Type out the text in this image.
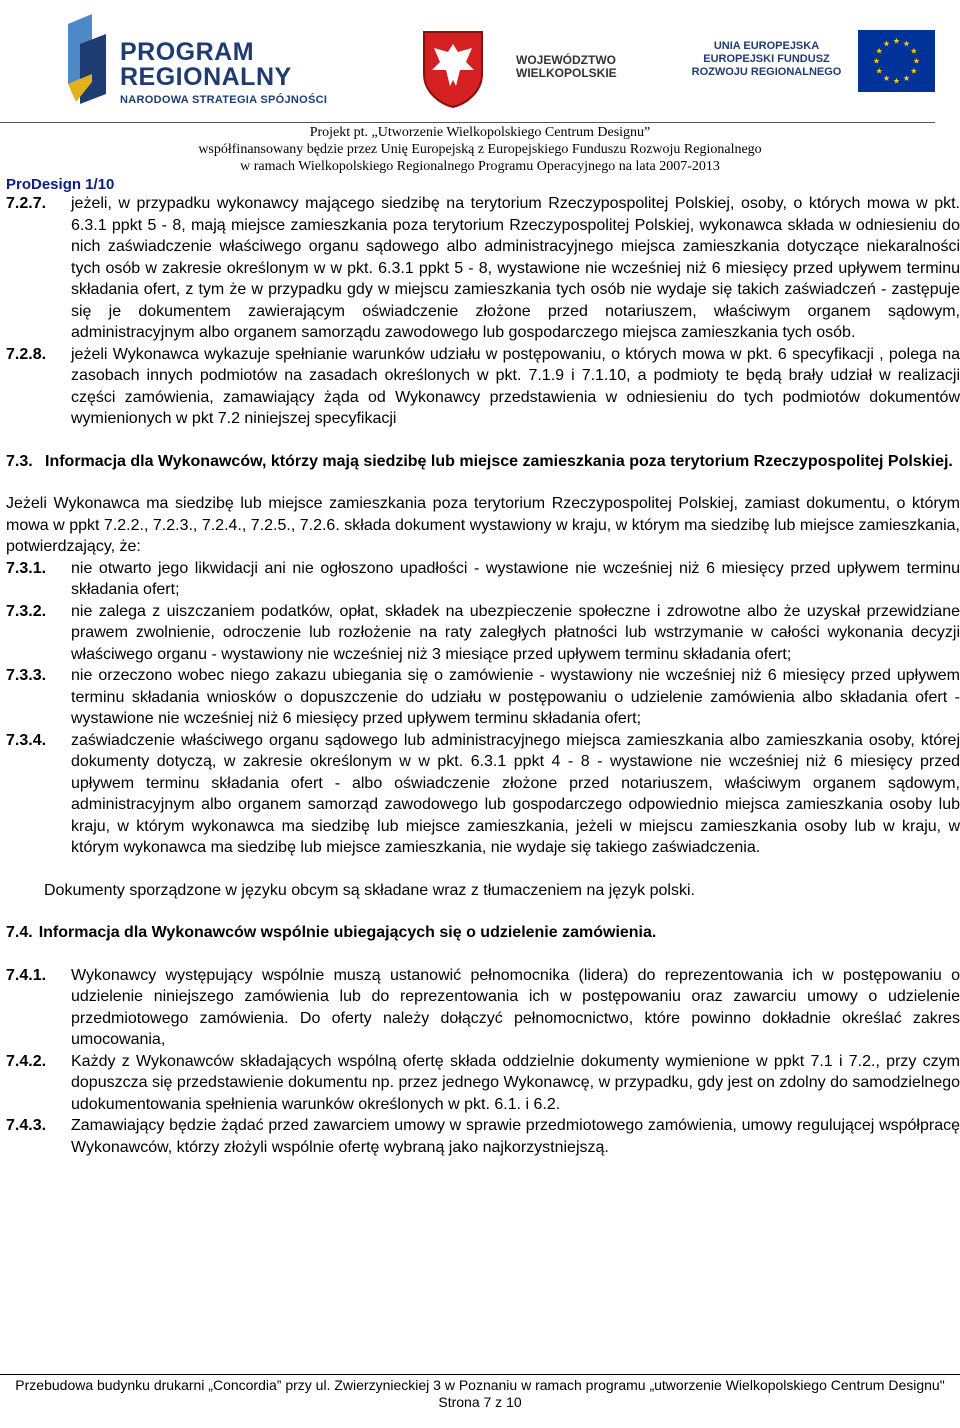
PROGRAM
REGIONALNY
NARODOWA STRATEGIA SPÓJNOŚCI
WOJEWÓDZTWO
WIELKOPOLSKIE
UNIA EUROPEJSKA
EUROPEJSKI FUNDUSZ
ROZWOJU REGIONALNEGO
Projekt pt. „Utworzenie Wielkopolskiego Centrum Designu”
współfinansowany będzie przez Unię Europejską z Europejskiego Funduszu Rozwoju Regionalnego
w ramach Wielkopolskiego Regionalnego Programu Operacyjnego na lata 2007-2013
ProDesign 1/10
7.2.7.	jeżeli, w przypadku wykonawcy mającego siedzibę na terytorium Rzeczypospolitej Polskiej, osoby, o których mowa w pkt. 6.3.1 ppkt 5 - 8, mają miejsce zamieszkania poza terytorium Rzeczypospolitej Polskiej, wykonawca składa w odniesieniu do nich zaświadczenie właściwego organu sądowego albo administracyjnego miejsca zamieszkania dotyczące niekaralności tych osób w zakresie określonym w w pkt. 6.3.1 ppkt 5 - 8, wystawione nie wcześniej niż 6 miesięcy przed upływem terminu składania ofert, z tym że w przypadku gdy w miejscu zamieszkania tych osób nie wydaje się takich zaświadczeń - zastępuje się je dokumentem zawierającym oświadczenie złożone przed notariuszem, właściwym organem sądowym, administracyjnym albo organem samorządu zawodowego lub gospodarczego miejsca zamieszkania tych osób.
7.2.8.	jeżeli Wykonawca wykazuje spełnianie warunków udziału w postępowaniu, o których mowa w pkt. 6 specyfikacji , polega na zasobach innych podmiotów na zasadach określonych w pkt. 7.1.9 i 7.1.10, a podmioty te będą brały udział w realizacji części zamówienia, zamawiający żąda od Wykonawcy przedstawienia w odniesieniu do tych podmiotów dokumentów wymienionych w pkt 7.2 niniejszej specyfikacji
7.3. Informacja dla Wykonawców, którzy mają siedzibę lub miejsce zamieszkania poza terytorium Rzeczypospolitej Polskiej.
Jeżeli Wykonawca ma siedzibę lub miejsce zamieszkania poza terytorium Rzeczypospolitej Polskiej, zamiast dokumentu, o którym mowa w ppkt 7.2.2., 7.2.3., 7.2.4., 7.2.5., 7.2.6. składa dokument wystawiony w kraju, w którym ma siedzibę lub miejsce zamieszkania, potwierdzający, że:
7.3.1.	nie otwarto jego likwidacji ani nie ogłoszono upadłości - wystawione nie wcześniej niż 6 miesięcy przed upływem terminu składania ofert;
7.3.2.	nie zalega z uiszczaniem podatków, opłat, składek na ubezpieczenie społeczne i zdrowotne albo że uzyskał przewidziane prawem zwolnienie, odroczenie lub rozłożenie na raty zaległych płatności lub wstrzymanie w całości wykonania decyzji właściwego organu - wystawiony nie wcześniej niż 3 miesiące przed upływem terminu składania ofert;
7.3.3.	nie orzeczono wobec niego zakazu ubiegania się o zamówienie - wystawiony nie wcześniej niż 6 miesięcy przed upływem terminu składania wniosków o dopuszczenie do udziału w postępowaniu o udzielenie zamówienia albo składania ofert - wystawione nie wcześniej niż 6 miesięcy przed upływem terminu składania ofert;
7.3.4.	zaświadczenie właściwego organu sądowego lub administracyjnego miejsca zamieszkania albo zamieszkania osoby, której dokumenty dotyczą, w zakresie określonym w w pkt. 6.3.1 ppkt 4 - 8 - wystawione nie wcześniej niż 6 miesięcy przed upływem terminu składania ofert - albo oświadczenie złożone przed notariuszem, właściwym organem sądowym, administracyjnym albo organem samorząd zawodowego lub gospodarczego odpowiednio miejsca zamieszkania osoby lub kraju, w którym wykonawca ma siedzibę lub miejsce zamieszkania, jeżeli w miejscu zamieszkania osoby lub w kraju, w którym wykonawca ma siedzibę lub miejsce zamieszkania, nie wydaje się takiego zaświadczenia.
Dokumenty sporządzone w języku obcym są składane wraz z tłumaczeniem na język polski.
7.4. Informacja dla Wykonawców wspólnie ubiegających się o udzielenie zamówienia.
7.4.1.	Wykonawcy występujący wspólnie muszą ustanowić pełnomocnika (lidera) do reprezentowania ich w postępowaniu o udzielenie niniejszego zamówienia lub do reprezentowania ich w postępowaniu oraz zawarciu umowy o udzielenie przedmiotowego zamówienia. Do oferty należy dołączyć pełnomocnictwo, które powinno dokładnie określać zakres umocowania,
7.4.2.	Każdy z Wykonawców składających wspólną ofertę składa oddzielnie dokumenty wymienione w ppkt 7.1 i 7.2., przy czym dopuszcza się przedstawienie dokumentu np. przez jednego Wykonawcę, w przypadku, gdy jest on zdolny do samodzielnego udokumentowania spełnienia warunków określonych w pkt. 6.1. i 6.2.
7.4.3.	Zamawiający będzie żądać przed zawarciem umowy w sprawie przedmiotowego zamówienia, umowy regulującej współpracę Wykonawców, którzy złożyli wspólnie ofertę wybraną jako najkorzystniejszą.
Przebudowa budynku drukarni „Concordia” przy ul. Zwierzynieckiej 3 w Poznaniu w ramach programu „utworzenie Wielkopolskiego Centrum Designu"
Strona 7 z 10
